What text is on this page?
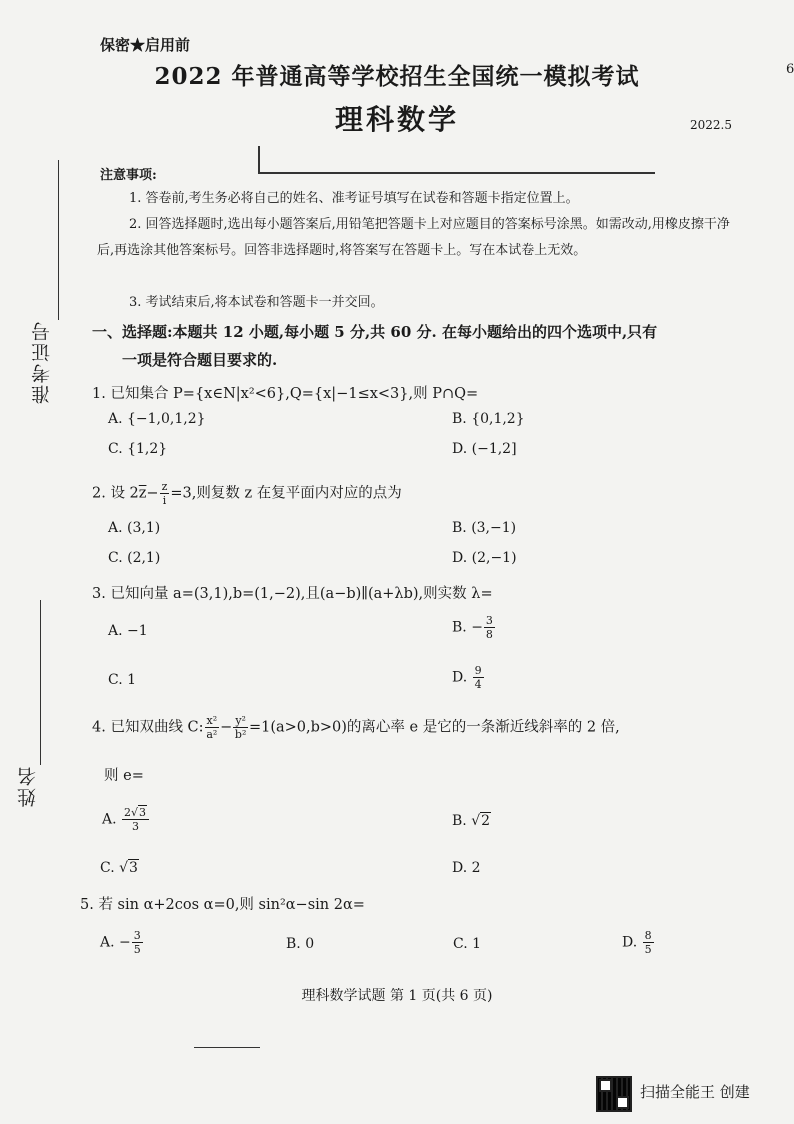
保密★启用前
2022 年普通高等学校招生全国统一模拟考试
理科数学	2022.5
6
准考证号
姓名
注意事项:
1. 答卷前,考生务必将自己的姓名、准考证号填写在试卷和答题卡指定位置上。
2. 回答选择题时,选出每小题答案后,用铅笔把答题卡上对应题目的答案标号涂黑。如需改动,用橡皮擦干净后,再选涂其他答案标号。回答非选择题时,将答案写在答题卡上。写在本试卷上无效。
3. 考试结束后,将本试卷和答题卡一并交回。
一、选择题:本题共 12 小题,每小题 5 分,共 60 分. 在每小题给出的四个选项中,只有
一项是符合题目要求的.
1. 已知集合 P={x∈N|x²<6},Q={x|−1≤x<3},则 P∩Q=
A. {−1,0,1,2}	B. {0,1,2}
C. {1,2}	D. (−1,2]
2. 设 $2\overline{z}- \frac{z}{i} =3$,则复数 z 在复平面内对应的点为
A. (3,1)	B. (3,−1)
C. (2,1)	D. (2,−1)
3. 已知向量 a=(3,1),b=(1,−2),且(a−b)∥(a+λb),则实数 λ=
A. −1	B. − $\frac{3}{8}$
C. 1	D. $\frac{9}{4}$
4. 已知双曲线 C: $\frac{\text{x²}}{\text{a²}} - \frac{\text{y²}}{\text{b²}} =1(a>0,b>0)$的离心率 e 是它的一条渐近线斜率的 2 倍,
则 e=
A. $\frac{2√3}{3}$	B. √2
C. √3	D. 2
5. 若 sin α+2cos α=0,则 sin²α−sin 2α=
A. − $\frac{3}{5}$	B. 0	C. 1	D. $\frac{8}{5}$
理科数学试题 第 1 页(共 6 页)
扫描全能王 创建
